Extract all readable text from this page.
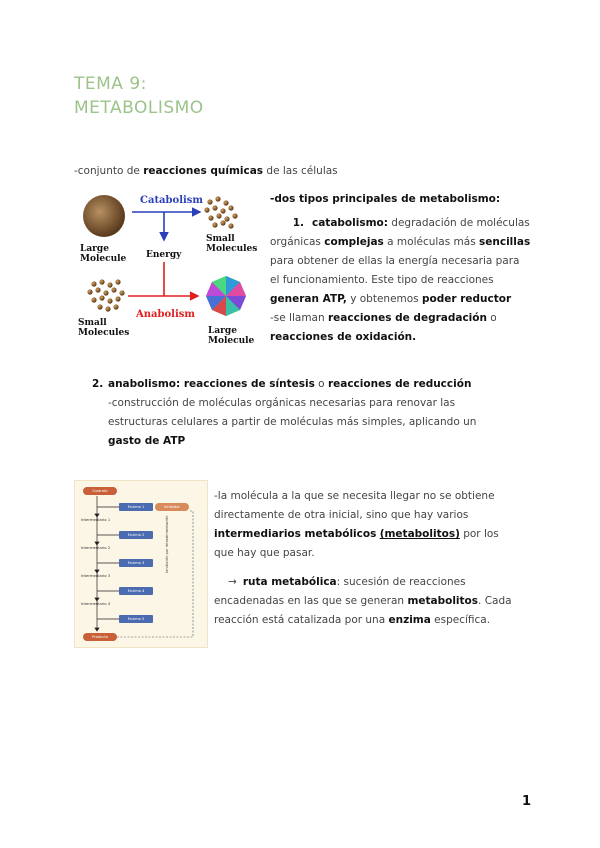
TEMA 9:
METABOLISMO
-conjunto de reacciones químicas de las células
Catabolism
Energy
Anabolism
Large
Molecule
Small
Molecules
Small
Molecules	Large
Molecule
-dos tipos principales de metabolismo:
1. catabolismo: degradación de moléculas orgánicas complejas a moléculas más sencillas para obtener de ellas la energía necesaria para el funcionamiento. Este tipo de reacciones generan ATP, y obtenemos poder reductor
-se llaman reacciones de degradación o reacciones de oxidación.
2. anabolismo: reacciones de síntesis o reacciones de reducción
-construcción de moléculas orgánicas necesarias para renovar las estructuras celulares a partir de moléculas más simples, aplicando un gasto de ATP
Sustrato
Enzima 1	Inhibidor
Intermediario 1
Enzima 2
Intermediario 2
Enzima 3
Intermediario 3
Enzima 4
Intermediario 4
Enzima 5
Producto
Inhibición por retroalimentación
-la molécula a la que se necesita llegar no se obtiene directamente de otra inicial, sino que hay varios intermediarios metabólicos (metabolitos) por los que hay que pasar.
→ ruta metabólica: sucesión de reacciones encadenadas en las que se generan metabolitos. Cada reacción está catalizada por una enzima específica.
1
